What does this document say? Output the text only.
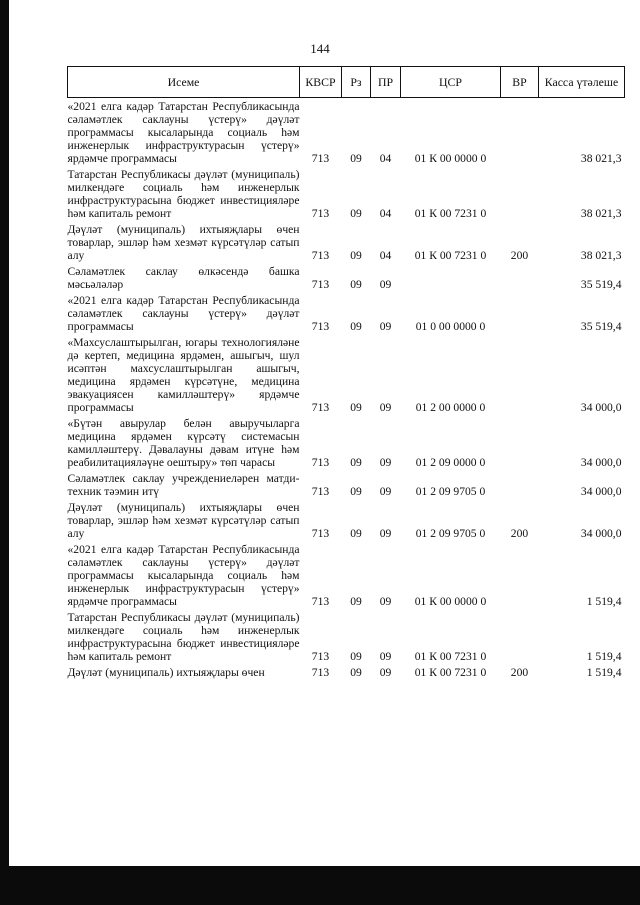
144
Исеме	КВСР	Рз	ПР	ЦСР	ВР	Касса үтәлеше
«2021 елга кадәр Татарстан Республикасында сәламәтлек саклауны үстерү» дәүләт программасы кысаларында социаль һәм инженерлык инфраструктурасын үстерү» ярдәмче программасы	713	09	04	01 К 00 0000 0		38 021,3
Татарстан Республикасы дәүләт (муниципаль) милкендәге социаль һәм инженерлык инфраструктурасына бюджет инвестицияләре һәм капиталь ремонт	713	09	04	01 К 00 7231 0		38 021,3
Дәүләт (муниципаль) ихтыяҗлары өчен товарлар, эшләр һәм хезмәт күрсәтүләр сатып алу	713	09	04	01 К 00 7231 0	200	38 021,3
Сәламәтлек саклау өлкәсендә башка мәсьәләләр	713	09	09			35 519,4
«2021 елга кадәр Татарстан Республикасында сәламәтлек саклауны үстерү» дәүләт программасы	713	09	09	01 0 00 0000 0		35 519,4
«Махсуслаштырылган, югары технологияләне дә кертеп, медицина ярдәмен, ашыгыч, шул исәптән махсуслаштырылган ашыгыч, медицина ярдәмен күрсәтүне, медицина эвакуациясен камилләштерү» ярдәмче программасы	713	09	09	01 2 00 0000 0		34 000,0
«Бүтән авырулар белән авыручыларга медицина ярдәмен күрсәтү системасын камилләштерү. Дәвалауны дәвам итүне һәм реабилитацияләүне оештыру» төп чарасы	713	09	09	01 2 09 0000 0		34 000,0
Сәламәтлек саклау учреждениеләрен матди-техник тәэмин итү	713	09	09	01 2 09 9705 0		34 000,0
Дәүләт (муниципаль) ихтыяҗлары өчен товарлар, эшләр һәм хезмәт күрсәтүләр сатып алу	713	09	09	01 2 09 9705 0	200	34 000,0
«2021 елга кадәр Татарстан Республикасында сәламәтлек саклауны үстерү» дәүләт программасы кысаларында социаль һәм инженерлык инфраструктурасын үстерү» ярдәмче программасы	713	09	09	01 К 00 0000 0		1 519,4
Татарстан Республикасы дәүләт (муниципаль) милкендәге социаль һәм инженерлык инфраструктурасына бюджет инвестицияләре һәм капиталь ремонт	713	09	09	01 К 00 7231 0		1 519,4
Дәүләт (муниципаль) ихтыяҗлары өчен	713	09	09	01 К 00 7231 0	200	1 519,4
